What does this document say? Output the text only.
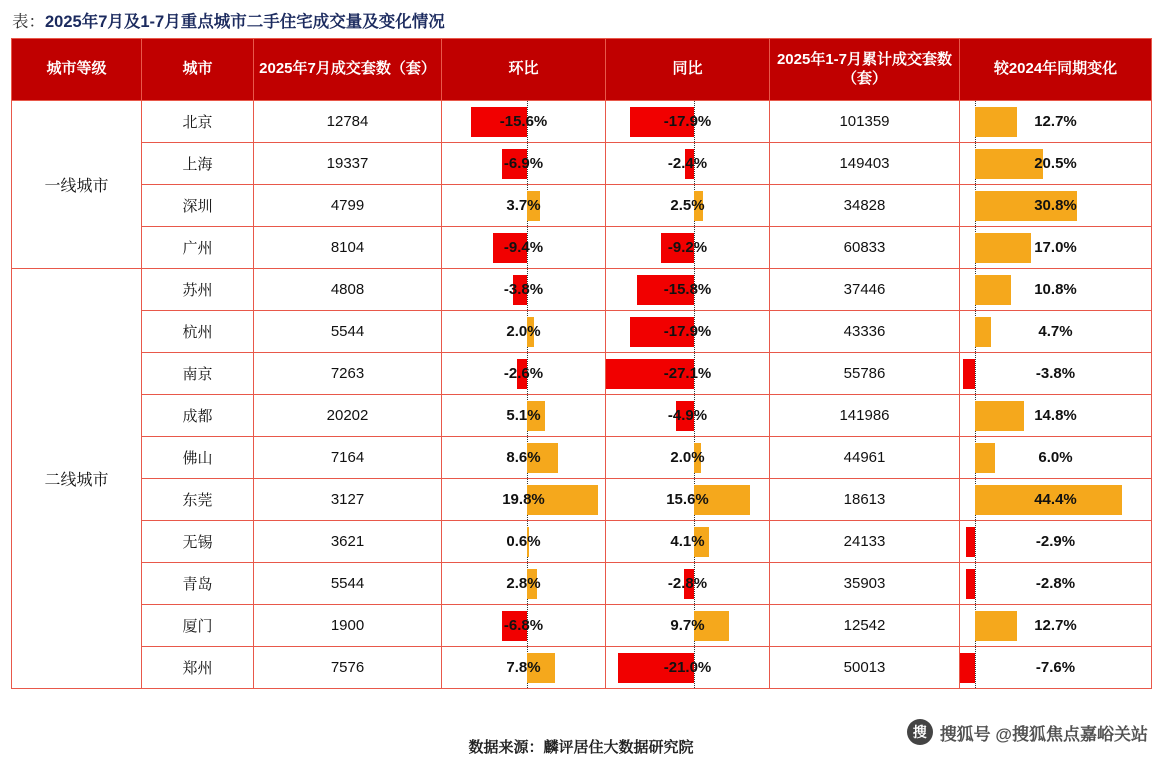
表：2025年7月及1-7月重点城市二手住宅成交量及变化情况
城市等级	城市	2025年7月成交套数（套）	环比	同比	2025年1-7月累计成交套数（套）	较2024年同期变化
一线城市	北京	12784	-15.6%	-17.9%	101359	12.7%
	上海	19337	-6.9%	-2.4%	149403	20.5%
	深圳	4799	3.7%	2.5%	34828	30.8%
	广州	8104	-9.4%	-9.2%	60833	17.0%
二线城市	苏州	4808	-3.8%	-15.8%	37446	10.8%
	杭州	5544	2.0%	-17.9%	43336	4.7%
	南京	7263	-2.6%	-27.1%	55786	-3.8%
	成都	20202	5.1%	-4.9%	141986	14.8%
	佛山	7164	8.6%	2.0%	44961	6.0%
	东莞	3127	19.8%	15.6%	18613	44.4%
	无锡	3621	0.6%	4.1%	24133	-2.9%
	青岛	5544	2.8%	-2.8%	35903	-2.8%
	厦门	1900	-6.8%	9.7%	12542	12.7%
	郑州	7576	7.8%	-21.0%	50013	-7.6%
数据来源：麟评居住大数据研究院
搜 搜狐号 @搜狐焦点嘉峪关站
